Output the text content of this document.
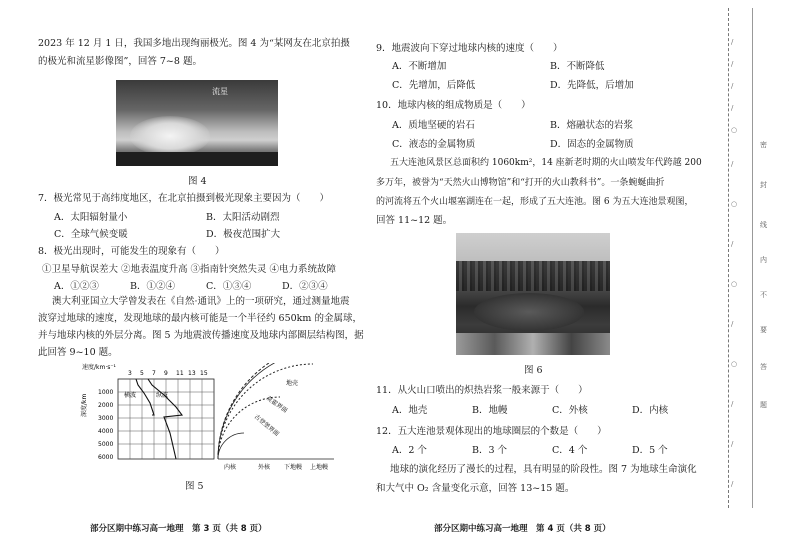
2023 年 12 月 1 日，我国多地出现绚丽极光。图 4 为“某网友在北京拍摄
的极光和流星影像图”，回答 7~8 题。
流星
图 4
7．极光常见于高纬度地区，在北京拍摄到极光现象主要因为（　　）
A．太阳辐射量小	B．太阳活动剧烈
C．全球气候变暖	D．极夜范围扩大
8．极光出现时，可能发生的现象有（　　）
①卫星导航误差大 ②地表温度升高 ③指南针突然失灵 ④电力系统故障
A．①②③	B．①②④	C．①③④	D．②③④
澳大利亚国立大学曾发表在《自然·通讯》上的一项研究，通过测量地震
波穿过地球的速度，发现地球的最内核可能是一个半径约 650km 的金属球，
并与地球内核的外层分离。图 5 为地震波传播速度及地球内部圈层结构图，据
此回答 9~10 题。
速度/km·s⁻¹
3 5 7 9 11 13 15
深度/km
1000
2000
3000
4000
5000
6000
横波	纵波
地壳
莫霍界面
古登堡界面
内核	外核 下地幔 上地幔
图 5
部分区期中练习高一地理　第 3 页（共 8 页）
9．地震波向下穿过地球内核的速度（　　）
A．不断增加	B．不断降低
C．先增加，后降低	D．先降低，后增加
10．地球内核的组成物质是（　　）
A．质地坚硬的岩石	B．熔融状态的岩浆
C．液态的金属物质	D．固态的金属物质
五大连池风景区总面积约 1060km²，14 座新老时期的火山喷发年代跨越 200
多万年，被誉为“天然火山博物馆”和“打开的火山教科书”。一条蜿蜒曲折
的河流将五个火山堰塞湖连在一起，形成了五大连池。图 6 为五大连池景观图，
回答 11~12 题。
图 6
11．从火山口喷出的炽热岩浆一般来源于（　　）
A．地壳	B．地幔	C．外核	D．内核
12．五大连池景观体现出的地球圈层的个数是（　　）
A．2 个	B．3 个	C．4 个	D．5 个
地球的演化经历了漫长的过程，具有明显的阶段性。图 7 为地球生命演化
和大气中 O₂ 含量变化示意，回答 13~15 题。
部分区期中练习高一地理　第 4 页（共 8 页）
/
/
/
/
○
/
○
/
○
/
○
/
/
/
密
封
线
内
不
要
答
题
